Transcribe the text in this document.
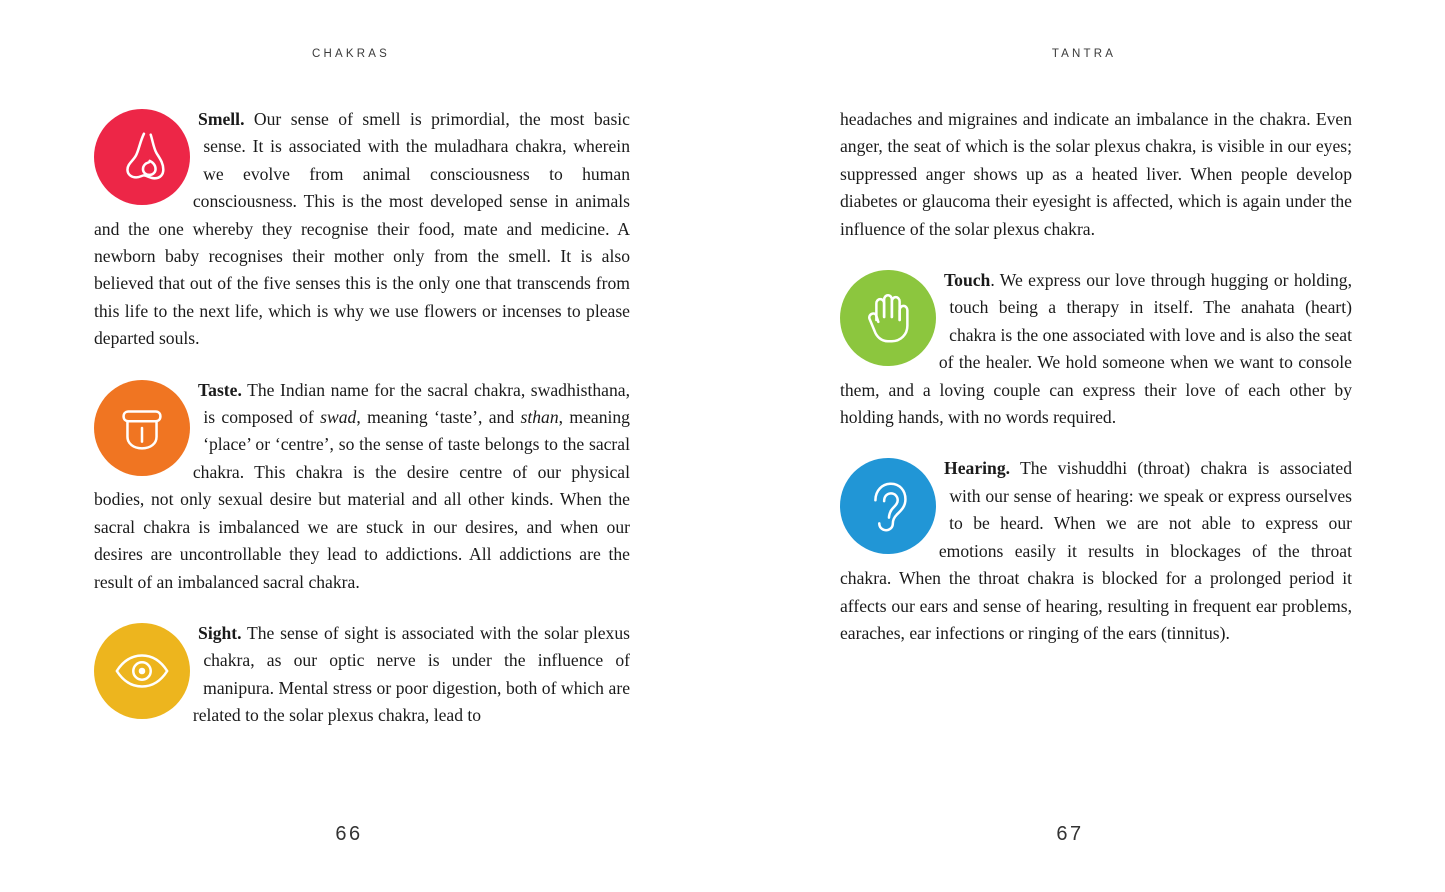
CHAKRAS

Smell. Our sense of smell is primordial, the most basic sense. It is associated with the muladhara chakra, wherein we evolve from animal consciousness to human consciousness. This is the most developed sense in animals and the one whereby they recognise their food, mate and medicine. A newborn baby recognises their mother only from the smell. It is also believed that out of the five senses this is the only one that transcends from this life to the next life, which is why we use flowers or incenses to please departed souls.

Taste. The Indian name for the sacral chakra, swadhisthana, is composed of swad, meaning ‘taste’, and sthan, meaning ‘place’ or ‘centre’, so the sense of taste belongs to the sacral chakra. This chakra is the desire centre of our physical bodies, not only sexual desire but material and all other kinds. When the sacral chakra is imbalanced we are stuck in our desires, and when our desires are uncontrollable they lead to addictions. All addictions are the result of an imbalanced sacral chakra.

Sight. The sense of sight is associated with the solar plexus chakra, as our optic nerve is under the influence of manipura. Mental stress or poor digestion, both of which are related to the solar plexus chakra, lead to

66
TANTRA

headaches and migraines and indicate an imbalance in the chakra. Even anger, the seat of which is the solar plexus chakra, is visible in our eyes; suppressed anger shows up as a heated liver. When people develop diabetes or glaucoma their eyesight is affected, which is again under the influence of the solar plexus chakra.

Touch. We express our love through hugging or holding, touch being a therapy in itself. The anahata (heart) chakra is the one associated with love and is also the seat of the healer. We hold someone when we want to console them, and a loving couple can express their love of each other by holding hands, with no words required.

Hearing. The vishuddhi (throat) chakra is associated with our sense of hearing: we speak or express ourselves to be heard. When we are not able to express our emotions easily it results in blockages of the throat chakra. When the throat chakra is blocked for a prolonged period it affects our ears and sense of hearing, resulting in frequent ear problems, earaches, ear infections or ringing of the ears (tinnitus).

67
